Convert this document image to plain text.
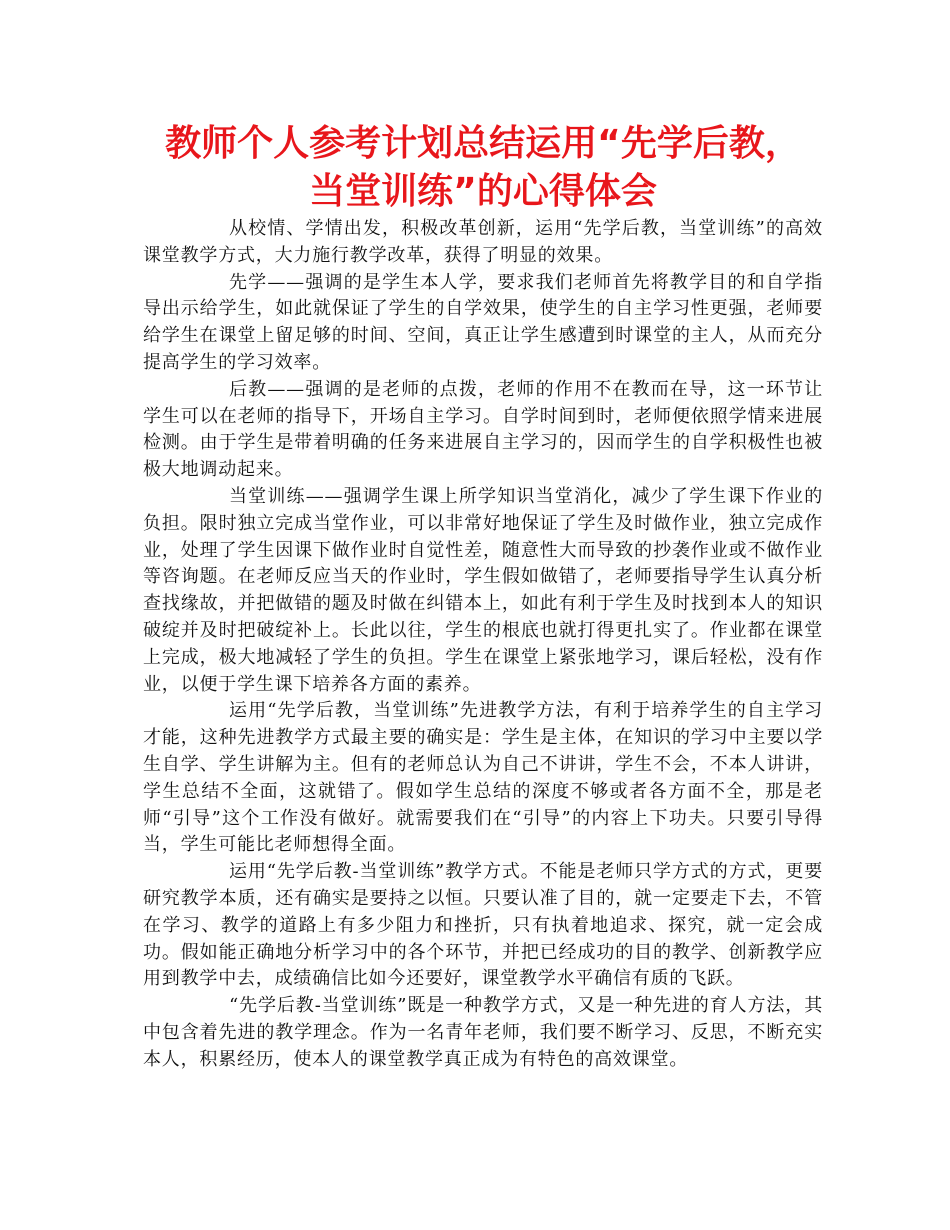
教师个人参考计划总结运用“先学后教，
当堂训练”的心得体会

从校情、学情出发，积极改革创新，运用“先学后教，当堂训练”的高效课堂教学方式，大力施行教学改革，获得了明显的效果。

先学——强调的是学生本人学，要求我们老师首先将教学目的和自学指导出示给学生，如此就保证了学生的自学效果，使学生的自主学习性更强，老师要给学生在课堂上留足够的时间、空间，真正让学生感遭到时课堂的主人，从而充分提高学生的学习效率。

后教——强调的是老师的点拨，老师的作用不在教而在导，这一环节让学生可以在老师的指导下，开场自主学习。自学时间到时，老师便依照学情来进展检测。由于学生是带着明确的任务来进展自主学习的，因而学生的自学积极性也被极大地调动起来。

当堂训练——强调学生课上所学知识当堂消化，减少了学生课下作业的负担。限时独立完成当堂作业，可以非常好地保证了学生及时做作业，独立完成作业，处理了学生因课下做作业时自觉性差，随意性大而导致的抄袭作业或不做作业等咨询题。在老师反应当天的作业时，学生假如做错了，老师要指导学生认真分析查找缘故，并把做错的题及时做在纠错本上，如此有利于学生及时找到本人的知识破绽并及时把破绽补上。长此以往，学生的根底也就打得更扎实了。作业都在课堂上完成，极大地减轻了学生的负担。学生在课堂上紧张地学习，课后轻松，没有作业，以便于学生课下培养各方面的素养。

运用“先学后教，当堂训练”先进教学方法，有利于培养学生的自主学习才能，这种先进教学方式最主要的确实是：学生是主体，在知识的学习中主要以学生自学、学生讲解为主。但有的老师总认为自己不讲讲，学生不会，不本人讲讲，学生总结不全面，这就错了。假如学生总结的深度不够或者各方面不全，那是老师“引导”这个工作没有做好。就需要我们在“引导”的内容上下功夫。只要引导得当，学生可能比老师想得全面。

运用“先学后教-当堂训练”教学方式。不能是老师只学方式的方式，更要研究教学本质，还有确实是要持之以恒。只要认准了目的，就一定要走下去，不管在学习、教学的道路上有多少阻力和挫折，只有执着地追求、探究，就一定会成功。假如能正确地分析学习中的各个环节，并把已经成功的目的教学、创新教学应用到教学中去，成绩确信比如今还要好，课堂教学水平确信有质的飞跃。

“先学后教-当堂训练”既是一种教学方式，又是一种先进的育人方法，其中包含着先进的教学理念。作为一名青年老师，我们要不断学习、反思，不断充实本人，积累经历，使本人的课堂教学真正成为有特色的高效课堂。
